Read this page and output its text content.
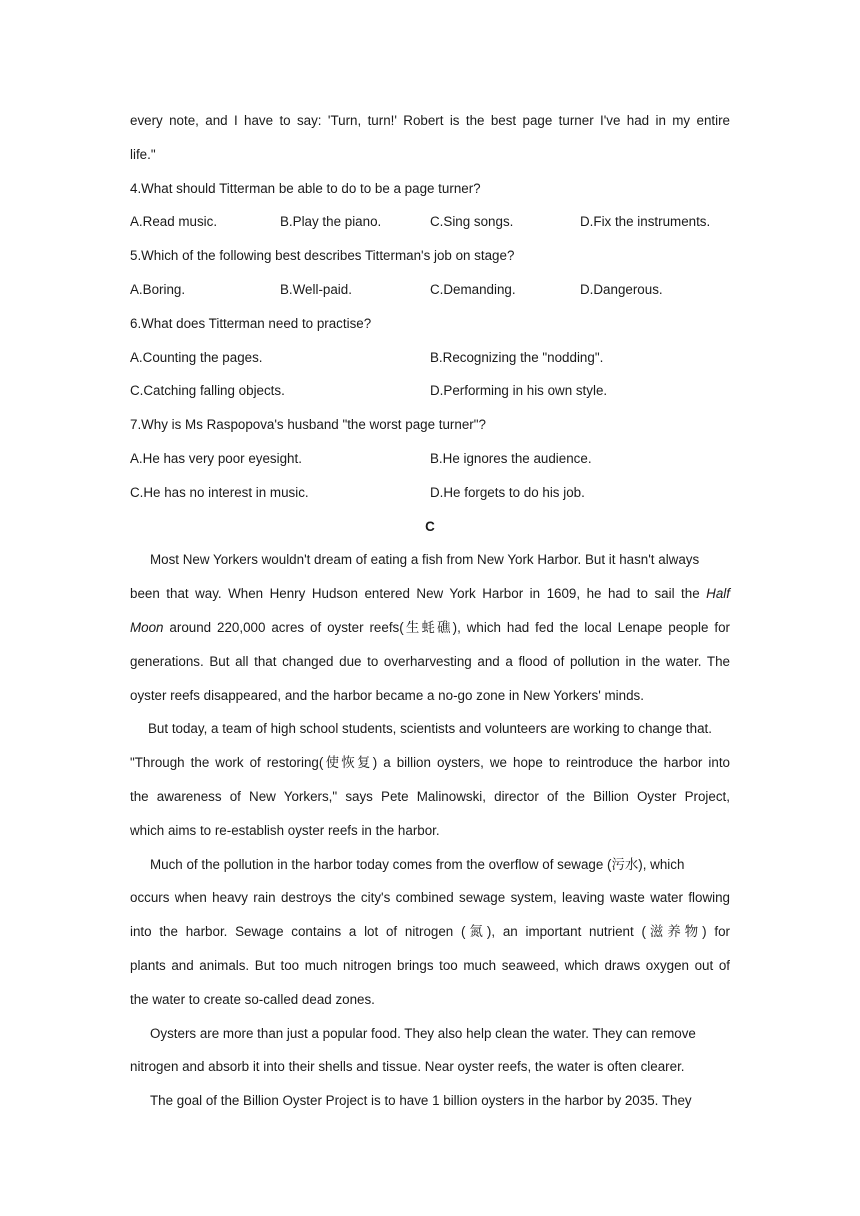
every note, and I have to say: 'Turn, turn!' Robert is the best page turner I've had in my entire
life."
4.What should Titterman be able to do to be a page turner?
A.Read music.	B.Play the piano.	C.Sing songs.	D.Fix the instruments.
5.Which of the following best describes Titterman's job on stage?
A.Boring.	B.Well-paid.	C.Demanding.	D.Dangerous.
6.What does Titterman need to practise?
A.Counting the pages.	B.Recognizing the "nodding".
C.Catching falling objects.	D.Performing in his own style.
7.Why is Ms Raspopova's husband "the worst page turner"?
A.He has very poor eyesight.	B.He ignores the audience.
C.He has no interest in music.	D.He forgets to do his job.
C
Most New Yorkers wouldn't dream of eating a fish from New York Harbor. But it hasn't always
been that way. When Henry Hudson entered New York Harbor in 1609, he had to sail the Half
Moon around 220,000 acres of oyster reefs(生蚝礁), which had fed the local Lenape people for
generations. But all that changed due to overharvesting and a flood of pollution in the water. The
oyster reefs disappeared, and the harbor became a no-go zone in New Yorkers' minds.
But today, a team of high school students, scientists and volunteers are working to change that.
"Through the work of restoring(使恢复) a billion oysters, we hope to reintroduce the harbor into
the awareness of New Yorkers," says Pete Malinowski, director of the Billion Oyster Project,
which aims to re-establish oyster reefs in the harbor.
Much of the pollution in the harbor today comes from the overflow of sewage (污水), which
occurs when heavy rain destroys the city's combined sewage system, leaving waste water flowing
into the harbor. Sewage contains a lot of nitrogen (氮), an important nutrient (滋养物) for
plants and animals. But too much nitrogen brings too much seaweed, which draws oxygen out of
the water to create so-called dead zones.
Oysters are more than just a popular food. They also help clean the water. They can remove
nitrogen and absorb it into their shells and tissue. Near oyster reefs, the water is often clearer.
The goal of the Billion Oyster Project is to have 1 billion oysters in the harbor by 2035. They
